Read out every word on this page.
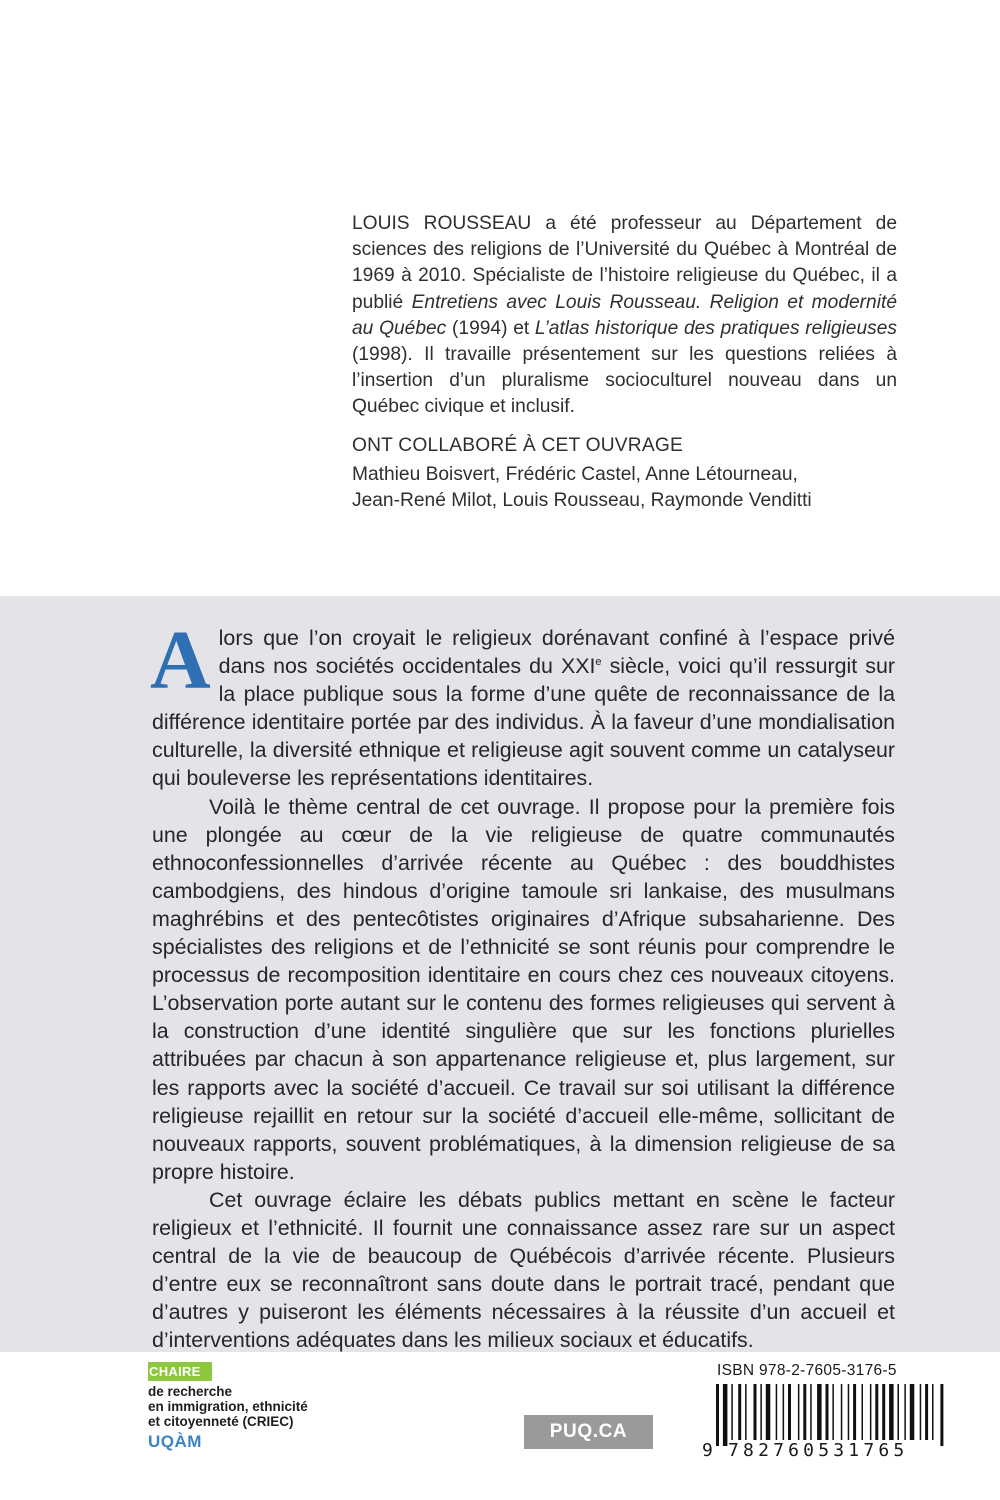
LOUIS ROUSSEAU a été professeur au Département de sciences des religions de l’Université du Québec à Montréal de 1969 à 2010. Spécialiste de l’histoire religieuse du Québec, il a publié Entretiens avec Louis Rousseau. Religion et modernité au Québec (1994) et L’atlas historique des pratiques religieuses (1998). Il travaille présentement sur les questions reliées à l’insertion d’un pluralisme socioculturel nouveau dans un Québec civique et inclusif.

ONT COLLABORÉ À CET OUVRAGE
Mathieu Boisvert, Frédéric Castel, Anne Létourneau,
Jean-René Milot, Louis Rousseau, Raymonde Venditti

Alors que l’on croyait le religieux dorénavant confiné à l’espace privé dans nos sociétés occidentales du XXIe siècle, voici qu’il ressurgit sur la place publique sous la forme d’une quête de reconnaissance de la différence identitaire portée par des individus. À la faveur d’une mondialisation culturelle, la diversité ethnique et religieuse agit souvent comme un catalyseur qui bouleverse les représentations identitaires.

Voilà le thème central de cet ouvrage. Il propose pour la première fois une plongée au cœur de la vie religieuse de quatre communautés ethnoconfessionnelles d’arrivée récente au Québec : des bouddhistes cambodgiens, des hindous d’origine tamoule sri lankaise, des musulmans maghrébins et des pentecôtistes originaires d’Afrique subsaharienne. Des spécialistes des religions et de l’ethnicité se sont réunis pour comprendre le processus de recomposition identitaire en cours chez ces nouveaux citoyens. L’observation porte autant sur le contenu des formes religieuses qui servent à la construction d’une identité singulière que sur les fonctions plurielles attribuées par chacun à son appartenance religieuse et, plus largement, sur les rapports avec la société d’accueil. Ce travail sur soi utilisant la différence religieuse rejaillit en retour sur la société d’accueil elle-même, sollicitant de nouveaux rapports, souvent problématiques, à la dimension religieuse de sa propre histoire.

Cet ouvrage éclaire les débats publics mettant en scène le facteur religieux et l’ethnicité. Il fournit une connaissance assez rare sur un aspect central de la vie de beaucoup de Québécois d’arrivée récente. Plusieurs d’entre eux se reconnaîtront sans doute dans le portrait tracé, pendant que d’autres y puiseront les éléments nécessaires à la réussite d’un accueil et d’interventions adéquates dans les milieux sociaux et éducatifs.

CHAIRE
de recherche
en immigration, ethnicité
et citoyenneté (CRIEC)
UQÀM	PUQ.CA
ISBN 978-2-7605-3176-5
9 782760531765
